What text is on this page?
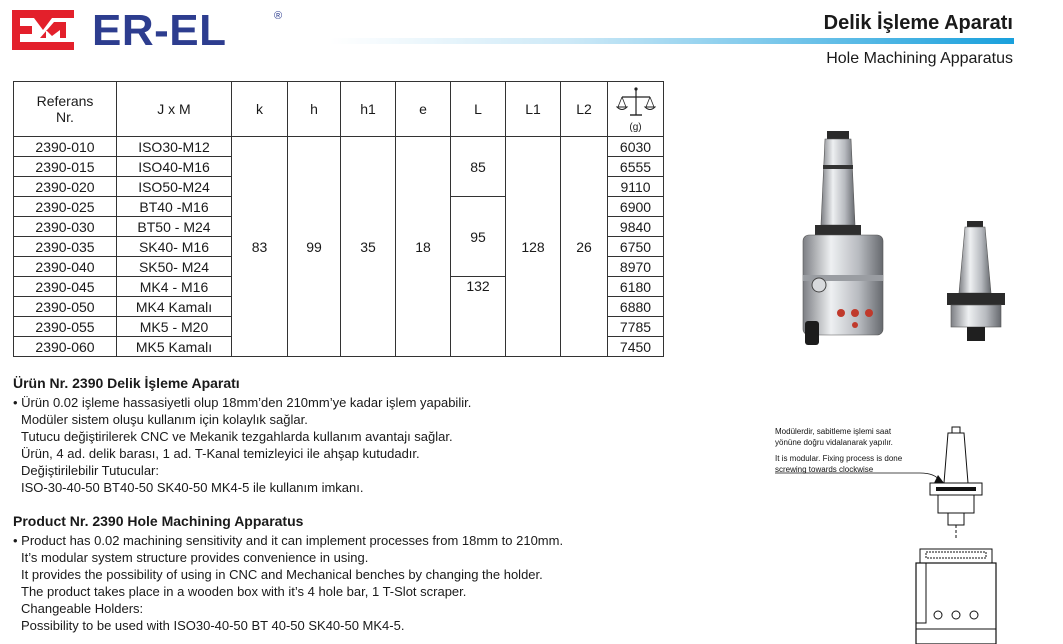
ER-EL	®	Delik İşleme Aparatı
Hole Machining Apparatus
Referans
Nr.	J x M	k	h	h1	e	L	L1	L2	(g)

2390-010	ISO30-M12	83	99	35	18	85	128	26	6030
2390-015	ISO40-M16								6555
2390-020	ISO50-M24								9110
2390-025	BT40 -M16					95			6900
2390-030	BT50 - M24								9840
2390-035	SK40- M16								6750
2390-040	SK50- M24								8970
2390-045	MK4 - M16					132			6180
2390-050	MK4 Kamalı								6880
2390-055	MK5 - M20								7785
2390-060	MK5 Kamalı								7450
Ürün Nr. 2390 Delik İşleme Aparatı

• Ürün 0.02 işleme hassasiyetli olup 18mm’den 210mm’ye kadar işlem yapabilir.

Modüler sistem oluşu kullanım için kolaylık sağlar.

Tutucu değiştirilerek CNC ve Mekanik tezgahlarda kullanım avantajı sağlar.

Ürün, 4 ad. delik barası, 1 ad. T-Kanal temizleyici ile ahşap kutudadır.

Değiştirilebilir Tutucular:

ISO-30-40-50 BT40-50 SK40-50 MK4-5 ile kullanım imkanı.

Product Nr. 2390 Hole Machining Apparatus

• Product has 0.02 machining sensitivity and it can implement processes from 18mm to 210mm.

It’s modular system structure provides convenience in using.

It provides the possibility of using in CNC and Mechanical benches by changing the holder.

The product takes place in a wooden box with it’s 4 hole bar, 1 T-Slot scraper.

Changeable Holders:

Possibility to be used with ISO30-40-50 BT 40-50 SK40-50 MK4-5.

Modülerdir, sabitleme işlemi saat
yönüne doğru vidalanarak yapılır.
It is modular. Fixing process is done
screwing towards clockwise
